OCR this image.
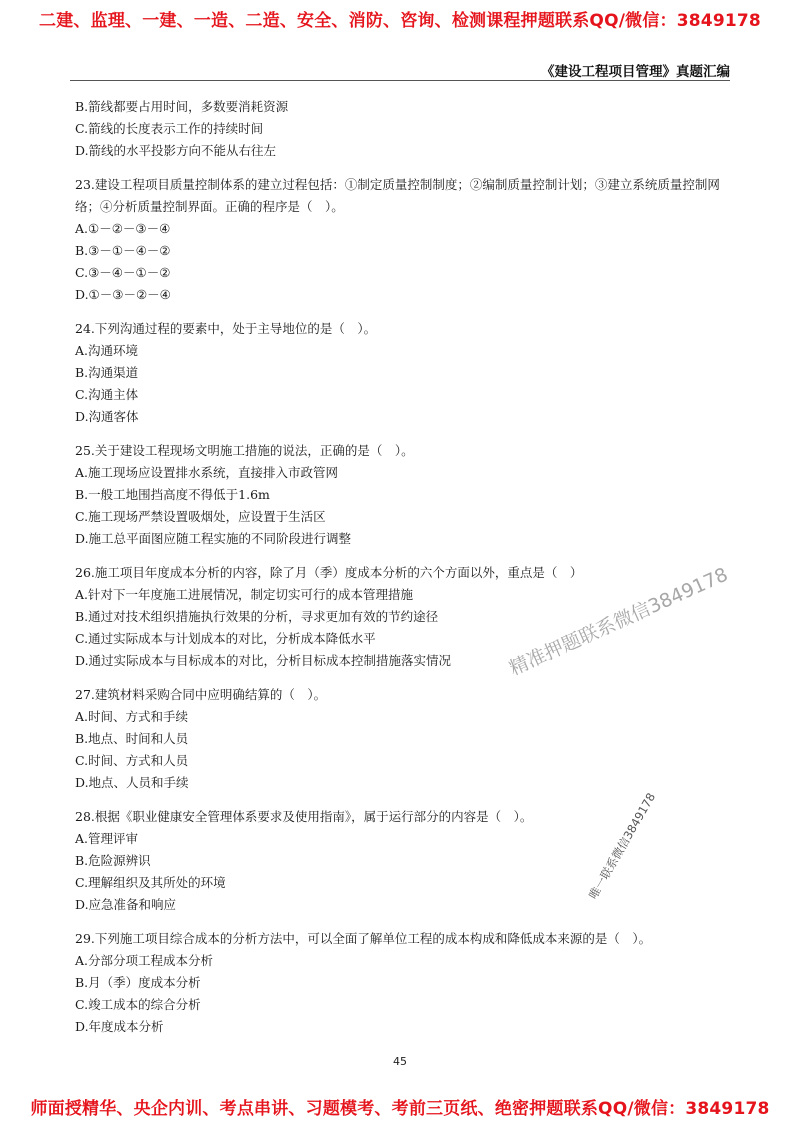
二建、监理、一建、一造、二造、安全、消防、咨询、检测课程押题联系QQ/微信：3849178
《建设工程项目管理》真题汇编
B.箭线都要占用时间，多数要消耗资源
C.箭线的长度表示工作的持续时间
D.箭线的水平投影方向不能从右往左
23.建设工程项目质量控制体系的建立过程包括：①制定质量控制制度；②编制质量控制计划；③建立系统质量控制网络；④分析质量控制界面。正确的程序是（　）。
A.①－②－③－④
B.③－①－④－②
C.③－④－①－②
D.①－③－②－④
24.下列沟通过程的要素中，处于主导地位的是（　）。
A.沟通环境
B.沟通渠道
C.沟通主体
D.沟通客体
25.关于建设工程现场文明施工措施的说法，正确的是（　）。
A.施工现场应设置排水系统，直接排入市政管网
B.一般工地围挡高度不得低于1.6m
C.施工现场严禁设置吸烟处，应设置于生活区
D.施工总平面图应随工程实施的不同阶段进行调整
26.施工项目年度成本分析的内容，除了月（季）度成本分析的六个方面以外，重点是（　）
A.针对下一年度施工进展情况，制定切实可行的成本管理措施
B.通过对技术组织措施执行效果的分析，寻求更加有效的节约途径
C.通过实际成本与计划成本的对比，分析成本降低水平
D.通过实际成本与目标成本的对比，分析目标成本控制措施落实情况
27.建筑材料采购合同中应明确结算的（　）。
A.时间、方式和手续
B.地点、时间和人员
C.时间、方式和人员
D.地点、人员和手续
28.根据《职业健康安全管理体系要求及使用指南》，属于运行部分的内容是（　）。
A.管理评审
B.危险源辨识
C.理解组织及其所处的环境
D.应急准备和响应
29.下列施工项目综合成本的分析方法中，可以全面了解单位工程的成本构成和降低成本来源的是（　）。
A.分部分项工程成本分析
B.月（季）度成本分析
C.竣工成本的综合分析
D.年度成本分析
精准押题联系微信3849178
唯一联系微信3849178
45
师面授精华、央企内训、考点串讲、习题模考、考前三页纸、绝密押题联系QQ/微信：3849178
